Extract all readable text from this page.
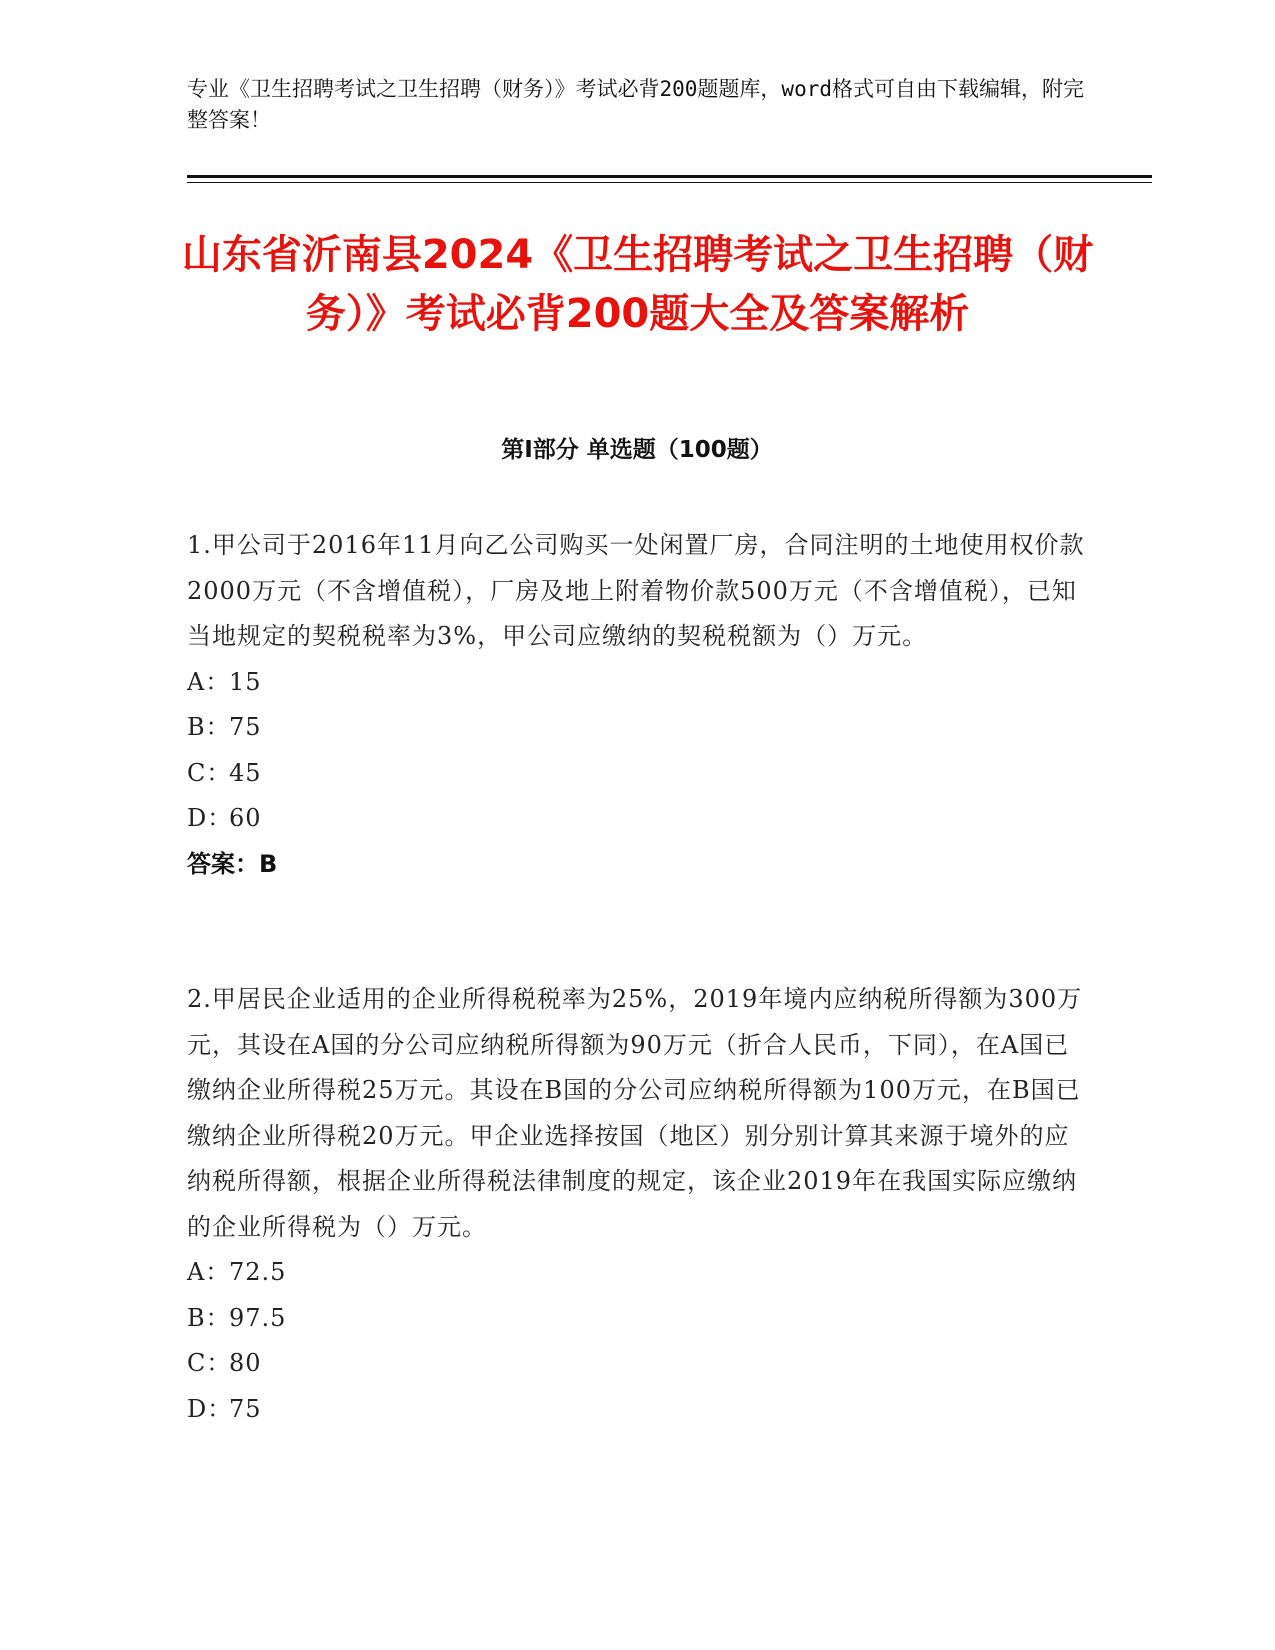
专业《卫生招聘考试之卫生招聘（财务）》考试必背200题题库，word格式可自由下载编辑，附完整答案！
山东省沂南县2024《卫生招聘考试之卫生招聘（财务）》考试必背200题大全及答案解析
第Ⅰ部分 单选题（100题）
1.甲公司于2016年11月向乙公司购买一处闲置厂房，合同注明的土地使用权价款2000万元（不含增值税），厂房及地上附着物价款500万元（不含增值税），已知当地规定的契税税率为3%，甲公司应缴纳的契税税额为（）万元。
A：15
B：75
C：45
D：60
答案：B
2.甲居民企业适用的企业所得税税率为25%，2019年境内应纳税所得额为300万元，其设在A国的分公司应纳税所得额为90万元（折合人民币，下同），在A国已缴纳企业所得税25万元。其设在B国的分公司应纳税所得额为100万元，在B国已缴纳企业所得税20万元。甲企业选择按国（地区）别分别计算其来源于境外的应纳税所得额，根据企业所得税法律制度的规定，该企业2019年在我国实际应缴纳的企业所得税为（）万元。
A：72.5
B：97.5
C：80
D：75
